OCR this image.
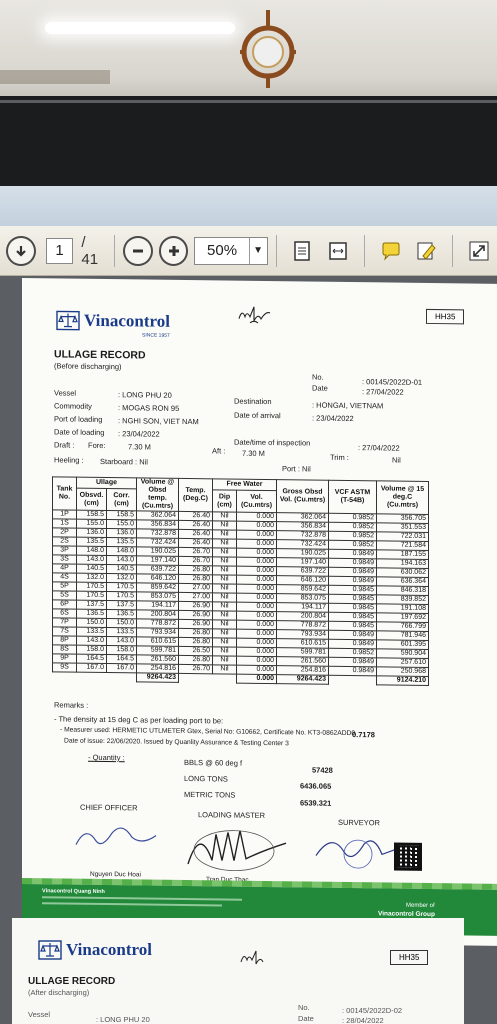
1	/ 41	50%	▼
Vinacontrol
SINCE 1957
HH35
ULLAGE RECORD
(Before discharging)
No.
: 00145/2022D-01
Date	: 27/04/2022
Vessel	: LONG PHU 20
Commodity	: MOGAS RON 95
Port of loading : NGHI SON, VIET NAM
Date of loading : 23/04/2022
Destination	: HONGAI, VIETNAM
Date of arrival	: 23/04/2022
Date/time of inspection
: 27/04/2022
Draft : Fore:	7.30 M	Aft : 7.30 M	Trim :	Nil
Heeling : Starboard : Nil
Port : Nil
Tank No.	Ullage		Volume @ Obsd temp. (Cu.mtrs)	Temp. (Deg.C)	Free Water		Gross Obsd Vol. (Cu.mtrs)	VCF ASTM (T-54B)	Volume @ 15 deg.C (Cu.mtrs)
	Obsvd. (cm)	Corr. (cm)			Dip (cm)	Vol. (Cu.mtrs)			
1P	158.5	158.5	362.064	26.40	Nil	0.000	362.064	0.9852	356.705
1S	155.0	155.0	356.834	26.40	Nil	0.000	356.834	0.9852	351.553
2P	136.0	136.0	732.878	26.40	Nil	0.000	732.878	0.9852	722.031
2S	135.5	135.5	732.424	26.40	Nil	0.000	732.424	0.9852	721.584
3P	148.0	148.0	190.025	26.70	Nil	0.000	190.025	0.9849	187.155
3S	143.0	143.0	197.140	26.70	Nil	0.000	197.140	0.9849	194.163
4P	140.5	140.5	639.722	26.80	Nil	0.000	639.722	0.9849	630.062
4S	132.0	132.0	646.120	26.80	Nil	0.000	646.120	0.9849	636.364
5P	170.5	170.5	859.642	27.00	Nil	0.000	859.642	0.9845	846.318
5S	170.5	170.5	853.075	27.00	Nil	0.000	853.075	0.9845	839.852
6P	137.5	137.5	194.117	26.90	Nil	0.000	194.117	0.9845	191.108
6S	136.5	136.5	200.804	26.90	Nil	0.000	200.804	0.9845	197.692
7P	150.0	150.0	778.872	26.90	Nil	0.000	778.872	0.9845	766.799
7S	133.5	133.5	793.934	26.80	Nil	0.000	793.934	0.9849	781.946
8P	143.0	143.0	610.615	26.80	Nil	0.000	610.615	0.9849	601.395
8S	158.0	158.0	599.781	26.50	Nil	0.000	599.781	0.9852	590.904
9P	164.5	164.5	261.560	26.80	Nil	0.000	261.560	0.9849	257.610
9S	167.0	167.0	254.816	26.70	Nil	0.000	254.816	0.9849	250.968
			9264.423			0.000	9264.423		9124.210
Remarks :
- The density at 15 deg C as per loading port to be:
0.7178
- Measurer used: HERMETIC UTLMETER Gtex, Serial No: G10662, Certificate No. KT3-0862ADD0
Date of issue: 22/06/2020. Issued by Quanlity Assurance & Testing Center 3
- Quantity :
BBLS @ 60 deg f
57428
LONG TONS
6436.065
METRIC TONS
6539.321
CHIEF OFFICER
LOADING MASTER
SURVEYOR
Nguyen Duc Hoai
Vinacontrol Quang Ninh
Member of
Vinacontrol Group
Vinacontrol	HH35
ULLAGE RECORD
(After discharging)
Vessel
: LONG PHU 20
No.	: 00145/2022D-02
Date	: 28/04/2022
